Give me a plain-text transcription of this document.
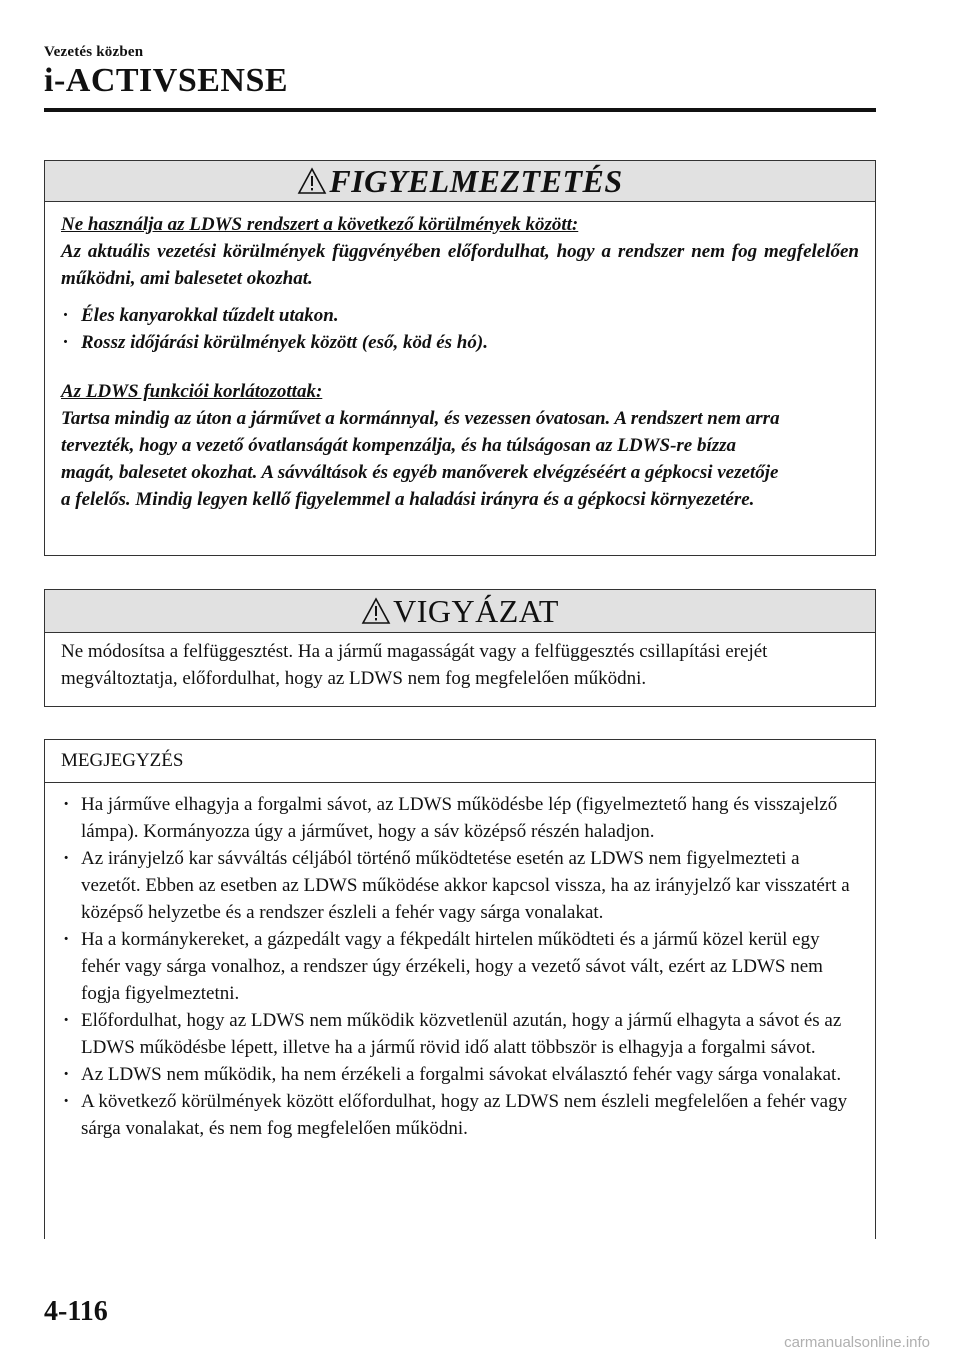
Vezetés közben
i-ACTIVSENSE
FIGYELMEZTETÉS

Ne használja az LDWS rendszert a következő körülmények között:

Az aktuális vezetési körülmények függvényében előfordulhat, hogy a rendszer nem fog megfelelően működni, ami balesetet okozhat.

· Éles kanyarokkal tűzdelt utakon.
· Rossz időjárási körülmények között (eső, köd és hó).

Az LDWS funkciói korlátozottak:

Tartsa mindig az úton a járművet a kormánnyal, és vezessen óvatosan. A rendszert nem arra tervezték, hogy a vezető óvatlanságát kompenzálja, és ha túlságosan az LDWS-re bízza magát, balesetet okozhat. A sávváltások és egyéb manőverek elvégzéséért a gépkocsi vezetője a felelős. Mindig legyen kellő figyelemmel a haladási irányra és a gépkocsi környezetére.

VIGYÁZAT

Ne módosítsa a felfüggesztést. Ha a jármű magasságát vagy a felfüggesztés csillapítási erejét megváltoztatja, előfordulhat, hogy az LDWS nem fog megfelelően működni.

MEGJEGYZÉS
· Ha járműve elhagyja a forgalmi sávot, az LDWS működésbe lép (figyelmeztető hang és visszajelző lámpa). Kormányozza úgy a járművet, hogy a sáv középső részén haladjon.
· Az irányjelző kar sávváltás céljából történő működtetése esetén az LDWS nem figyelmezteti a vezetőt. Ebben az esetben az LDWS működése akkor kapcsol vissza, ha az irányjelző kar visszatért a középső helyzetbe és a rendszer észleli a fehér vagy sárga vonalakat.
· Ha a kormánykereket, a gázpedált vagy a fékpedált hirtelen működteti és a jármű közel kerül egy fehér vagy sárga vonalhoz, a rendszer úgy érzékeli, hogy a vezető sávot vált, ezért az LDWS nem fogja figyelmeztetni.
· Előfordulhat, hogy az LDWS nem működik közvetlenül azután, hogy a jármű elhagyta a sávot és az LDWS működésbe lépett, illetve ha a jármű rövid idő alatt többször is elhagyja a forgalmi sávot.
· Az LDWS nem működik, ha nem érzékeli a forgalmi sávokat elválasztó fehér vagy sárga vonalakat.
· A következő körülmények között előfordulhat, hogy az LDWS nem észleli megfelelően a fehér vagy sárga vonalakat, és nem fog megfelelően működni.
4-116
carmanualsonline.info
